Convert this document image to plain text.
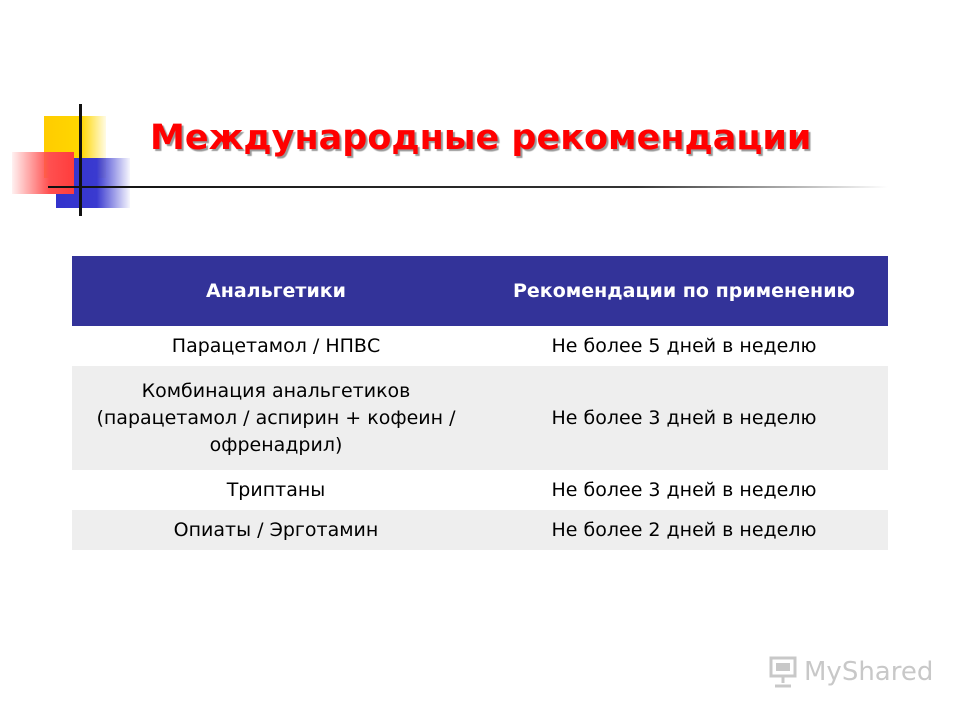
Международные рекомендации
Анальгетики	Рекомендации по применению
Парацетамол / НПВС	Не более 5 дней в неделю
Комбинация анальгетиков (парацетамол / аспирин + кофеин / офренадрил)	Не более 3 дней в неделю
Триптаны	Не более 3 дней в неделю
Опиаты / Эрготамин	Не более 2 дней в неделю
MyShared
